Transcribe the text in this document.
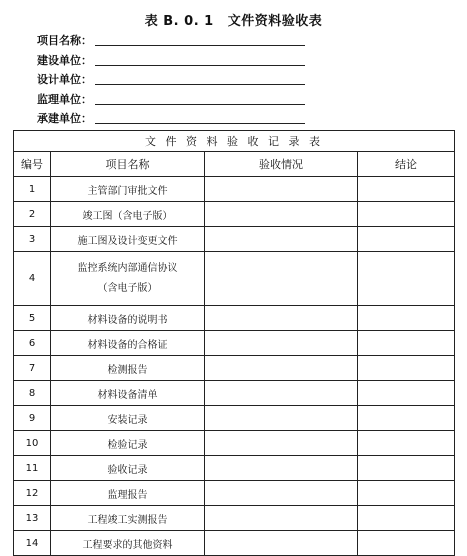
表 B. 0. 1 文件资料验收表
项目名称：
建设单位：
设计单位：
监理单位：
承建单位：
文 件 资 料 验 收 记 录 表			
编号	项目名称	验收情况	结论
1	主管部门审批文件		
2	竣工图（含电子版）		
3	施工图及设计变更文件		
4	监控系统内部通信协议
（含电子版）		
5	材料设备的说明书		
6	材料设备的合格证		
7	检测报告		
8	材料设备清单		
9	安装记录		
10	检验记录		
11	验收记录		
12	监理报告		
13	工程竣工实测报告		
14	工程要求的其他资料		
